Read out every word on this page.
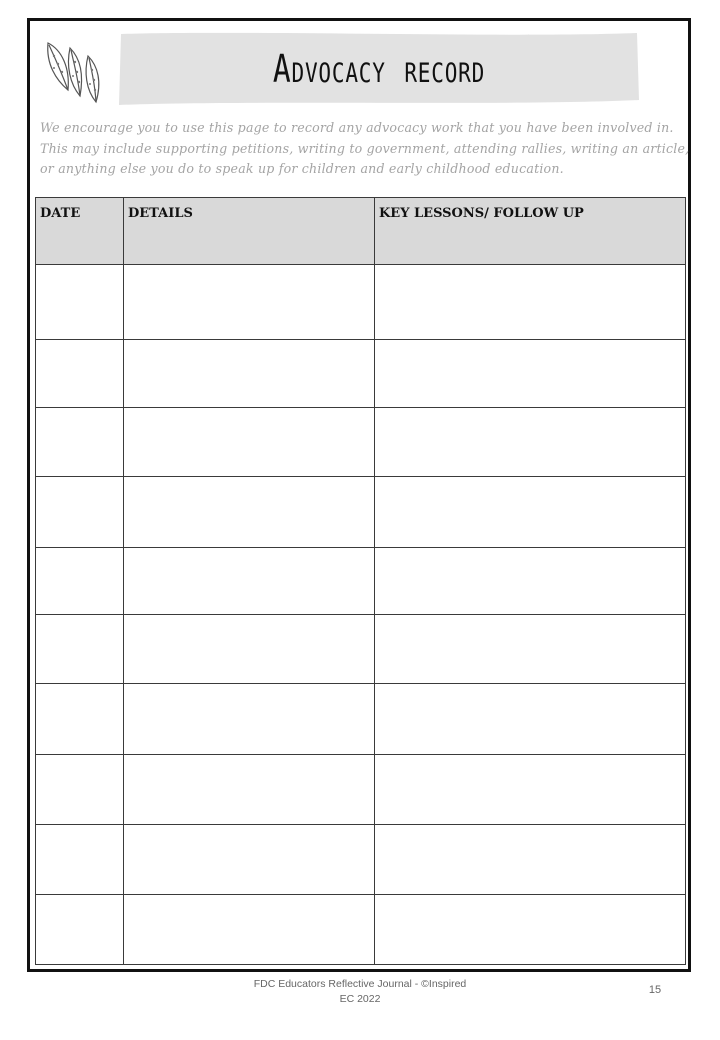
Advocacy record
We encourage you to use this page to record any advocacy work that you have been involved in.
This may include supporting petitions, writing to government, attending rallies, writing an article,
or anything else you do to speak up for children and early childhood education.
DATE	DETAILS	KEY LESSONS/ FOLLOW UP

FDC Educators Reflective Journal - ©Inspired
EC 2022
15
